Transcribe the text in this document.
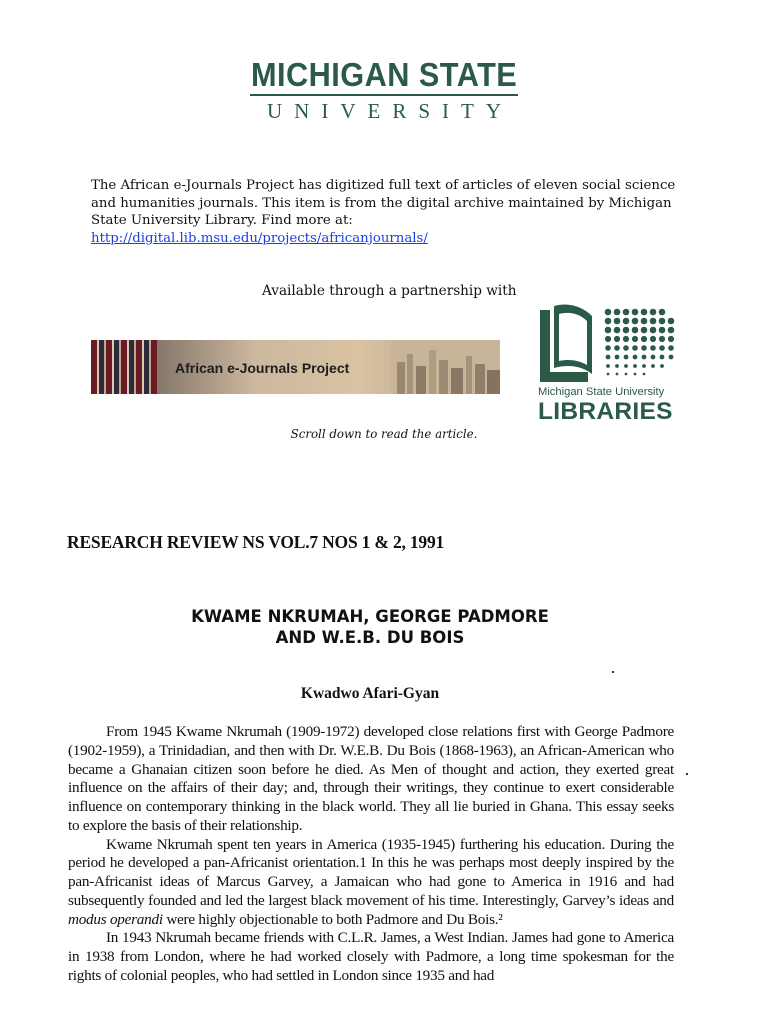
MICHIGAN STATE
UNIVERSITY
The African e-Journals Project has digitized full text of articles of eleven social science and humanities journals. This item is from the digital archive maintained by Michigan State University Library. Find more at:
http://digital.lib.msu.edu/projects/africanjournals/
Available through a partnership with
African e-Journals Project
Michigan State University
LIBRARIES
Scroll down to read the article.
RESEARCH REVIEW NS VOL.7 NOS 1 & 2, 1991
KWAME NKRUMAH, GEORGE PADMORE
AND W.E.B. DU BOIS
Kwadwo Afari-Gyan

From 1945 Kwame Nkrumah (1909-1972) developed close relations first with George Padmore (1902-1959), a Trinidadian, and then with Dr. W.E.B. Du Bois (1868-1963), an African-American who became a Ghanaian citizen soon before he died. As Men of thought and action, they exerted great influence on the affairs of their day; and, through their writings, they continue to exert considerable influence on contemporary thinking in the black world. They all lie buried in Ghana. This essay seeks to explore the basis of their relationship.

Kwame Nkrumah spent ten years in America (1935-1945) furthering his education. During the period he developed a pan-Africanist orientation.1 In this he was perhaps most deeply inspired by the pan-Africanist ideas of Marcus Garvey, a Jamaican who had gone to America in 1916 and had subsequently founded and led the largest black movement of his time. Interestingly, Garvey’s ideas and modus operandi were highly objectionable to both Padmore and Du Bois.²

In 1943 Nkrumah became friends with C.L.R. James, a West Indian. James had gone to America in 1938 from London, where he had worked closely with Padmore, a long time spokesman for the rights of colonial peoples, who had settled in London since 1935 and had
